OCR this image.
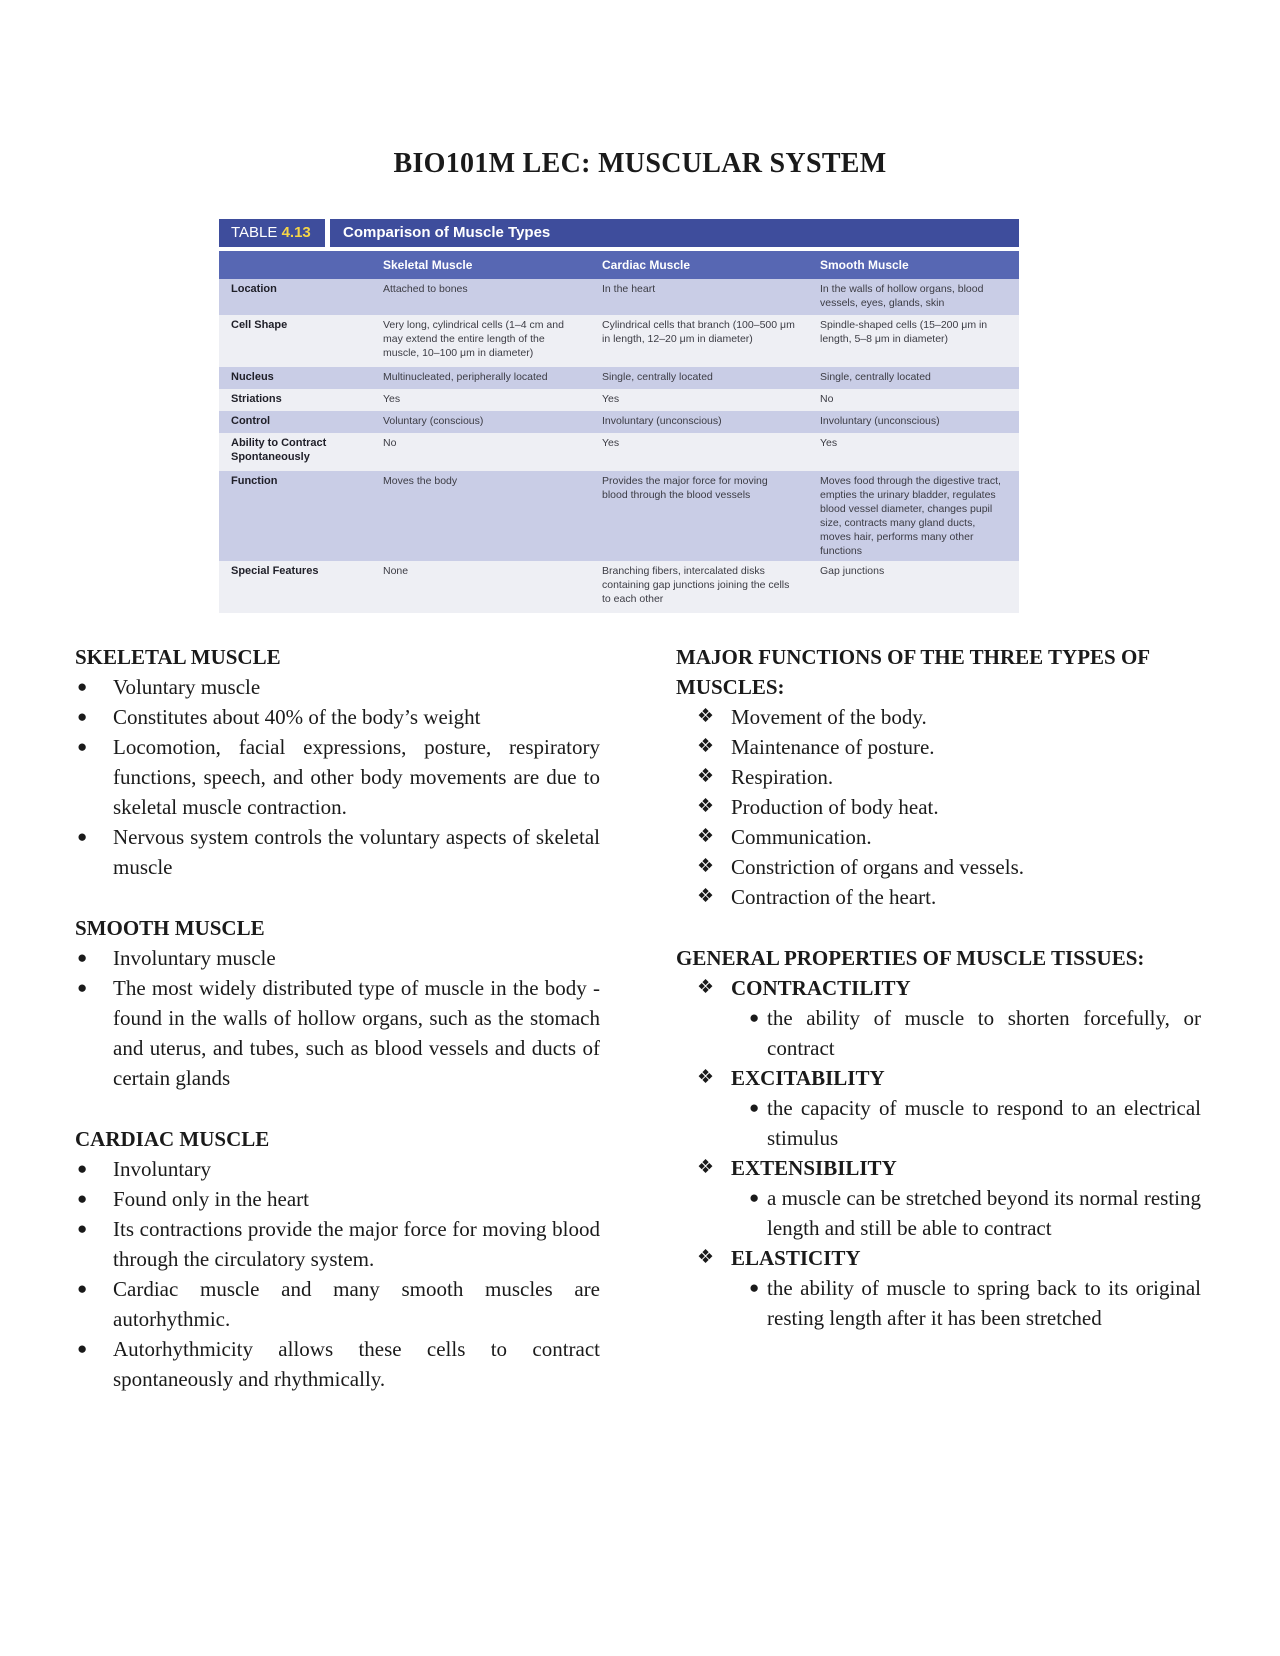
BIO101M LEC: MUSCULAR SYSTEM
TABLE 4.13	Comparison of Muscle Types
	Skeletal Muscle	Cardiac Muscle	Smooth Muscle
Location	Attached to bones	In the heart	In the walls of hollow organs, blood vessels, eyes, glands, skin
Cell Shape	Very long, cylindrical cells (1–4 cm and may extend the entire length of the muscle, 10–100 μm in diameter)	Cylindrical cells that branch (100–500 μm in length, 12–20 μm in diameter)	Spindle-shaped cells (15–200 μm in length, 5–8 μm in diameter)
Nucleus	Multinucleated, peripherally located	Single, centrally located	Single, centrally located
Striations	Yes	Yes	No
Control	Voluntary (conscious)	Involuntary (unconscious)	Involuntary (unconscious)
Ability to Contract Spontaneously	No	Yes	Yes
Function	Moves the body	Provides the major force for moving blood through the blood vessels	Moves food through the digestive tract, empties the urinary bladder, regulates blood vessel diameter, changes pupil size, contracts many gland ducts, moves hair, performs many other functions
Special Features	None	Branching fibers, intercalated disks containing gap junctions joining the cells to each other	Gap junctions

SKELETAL MUSCLE

● Voluntary muscle
● Constitutes about 40% of the body’s weight
● Locomotion, facial expressions, posture, respiratory functions, speech, and other body movements are due to skeletal muscle contraction.
● Nervous system controls the voluntary aspects of skeletal muscle

SMOOTH MUSCLE

● Involuntary muscle
● The most widely distributed type of muscle in the body - found in the walls of hollow organs, such as the stomach and uterus, and tubes, such as blood vessels and ducts of certain glands

CARDIAC MUSCLE

● Involuntary
● Found only in the heart
● Its contractions provide the major force for moving blood through the circulatory system.
● Cardiac muscle and many smooth muscles are autorhythmic.
● Autorhythmicity allows these cells to contract spontaneously and rhythmically.

MAJOR FUNCTIONS OF THE THREE TYPES OF MUSCLES:

❖ Movement of the body.
❖ Maintenance of posture.
❖ Respiration.
❖ Production of body heat.
❖ Communication.
❖ Constriction of organs and vessels.
❖ Contraction of the heart.

GENERAL PROPERTIES OF MUSCLE TISSUES:

❖ CONTRACTILITY
● the ability of muscle to shorten forcefully, or contract
❖ EXCITABILITY
● the capacity of muscle to respond to an electrical stimulus
❖ EXTENSIBILITY
● a muscle can be stretched beyond its normal resting length and still be able to contract
❖ ELASTICITY
● the ability of muscle to spring back to its original resting length after it has been stretched
